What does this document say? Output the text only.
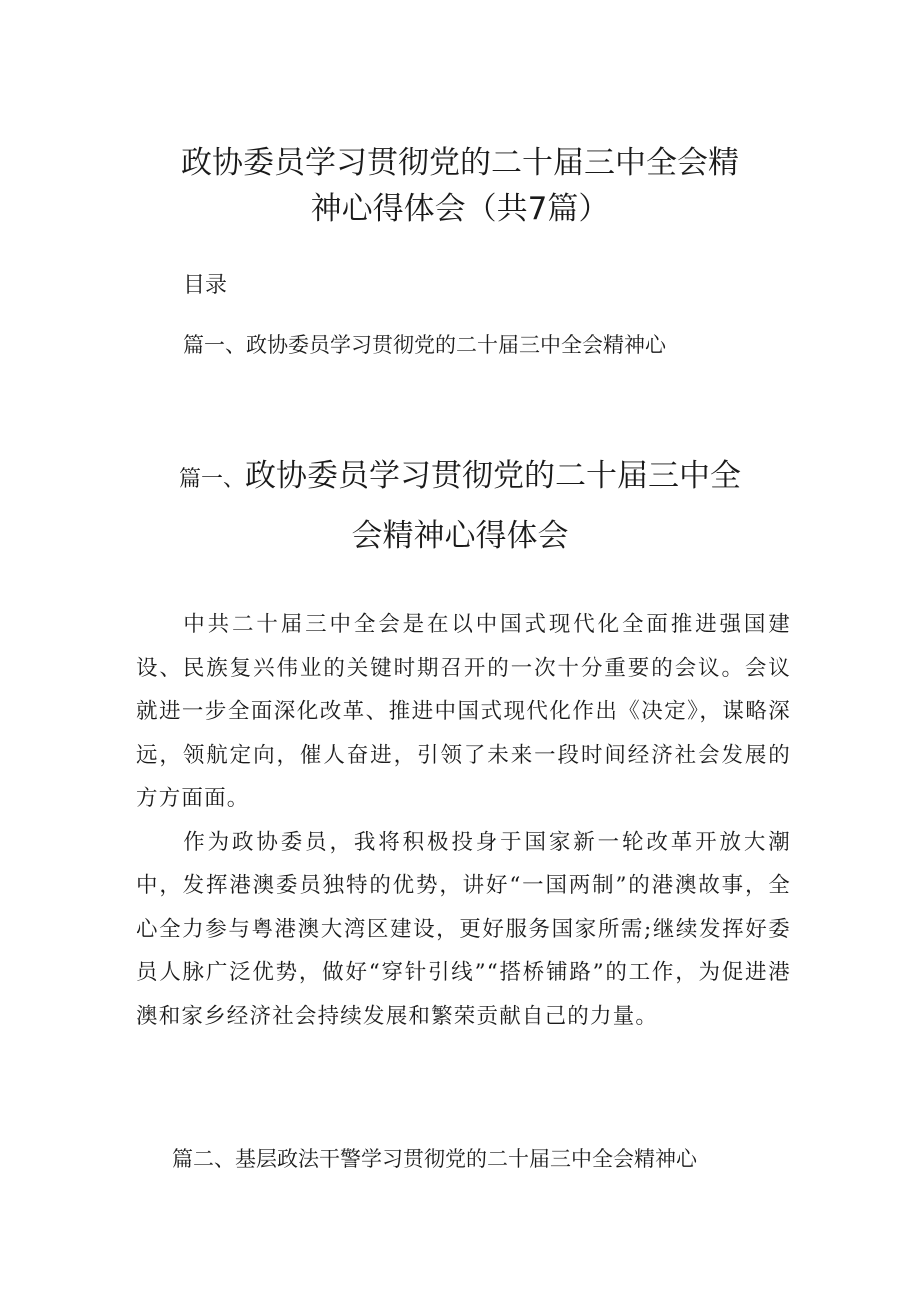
政协委员学习贯彻党的二十届三中全会精
神心得体会（共7篇）
目录
篇一、政协委员学习贯彻党的二十届三中全会精神心
篇一、政协委员学习贯彻党的二十届三中全
会精神心得体会

中共二十届三中全会是在以中国式现代化全面推进强国建设、民族复兴伟业的关键时期召开的一次十分重要的会议。会议就进一步全面深化改革、推进中国式现代化作出《决定》，谋略深远，领航定向，催人奋进，引领了未来一段时间经济社会发展的方方面面。

作为政协委员，我将积极投身于国家新一轮改革开放大潮中，发挥港澳委员独特的优势，讲好“一国两制”的港澳故事，全心全力参与粤港澳大湾区建设，更好服务国家所需;继续发挥好委员人脉广泛优势，做好“穿针引线”“搭桥铺路”的工作，为促进港澳和家乡经济社会持续发展和繁荣贡献自己的力量。

篇二、基层政法干警学习贯彻党的二十届三中全会精神心
